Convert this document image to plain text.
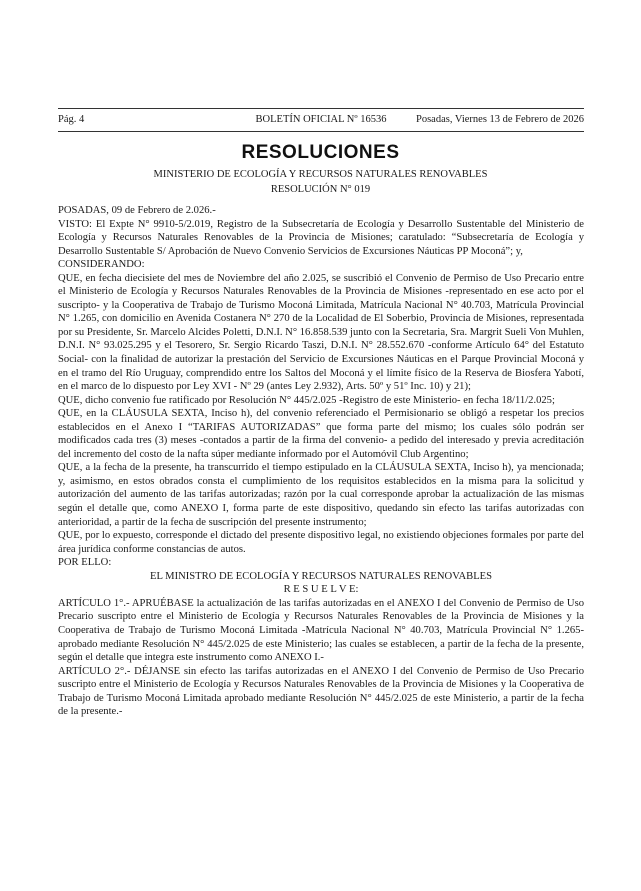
Pág. 4	BOLETÍN OFICIAL Nº 16536	Posadas, Viernes 13 de Febrero de 2026
RESOLUCIONES
MINISTERIO DE ECOLOGÍA Y RECURSOS NATURALES RENOVABLES
RESOLUCIÓN N° 019

POSADAS, 09 de Febrero de 2.026.-

VISTO: El Expte N° 9910-5/2.019, Registro de la Subsecretaría de Ecología y Desarrollo Sustentable del Ministerio de Ecología y Recursos Naturales Renovables de la Provincia de Misiones; caratulado: “Subsecretaría de Ecología y Desarrollo Sustentable S/ Aprobación de Nuevo Convenio Servicios de Excursiones Náuticas PP Moconá”; y,

CONSIDERANDO:

QUE, en fecha diecisiete del mes de Noviembre del año 2.025, se suscribió el Convenio de Permiso de Uso Precario entre el Ministerio de Ecología y Recursos Naturales Renovables de la Provincia de Misiones -representado en ese acto por el suscripto- y la Cooperativa de Trabajo de Turismo Moconá Limitada, Matrícula Nacional N° 40.703, Matrícula Provincial N° 1.265, con domicilio en Avenida Costanera N° 270 de la Localidad de El Soberbio, Provincia de Misiones, representada por su Presidente, Sr. Marcelo Alcides Poletti, D.N.I. N° 16.858.539 junto con la Secretaria, Sra. Margrit Sueli Von Muhlen, D.N.I. N° 93.025.295 y el Tesorero, Sr. Sergio Ricardo Taszi, D.N.I. N° 28.552.670 -conforme Artículo 64° del Estatuto Social- con la finalidad de autorizar la prestación del Servicio de Excursiones Náuticas en el Parque Provincial Moconá y en el tramo del Río Uruguay, comprendido entre los Saltos del Moconá y el límite físico de la Reserva de Biosfera Yabotí, en el marco de lo dispuesto por Ley XVI - Nº 29 (antes Ley 2.932), Arts. 50º y 51º Inc. 10) y 21);

QUE, dicho convenio fue ratificado por Resolución N° 445/2.025 -Registro de este Ministerio- en fecha 18/11/2.025;

QUE, en la CLÁUSULA SEXTA, Inciso h), del convenio referenciado el Permisionario se obligó a respetar los precios establecidos en el Anexo I “TARIFAS AUTORIZADAS” que forma parte del mismo; los cuales sólo podrán ser modificados cada tres (3) meses -contados a partir de la firma del convenio- a pedido del interesado y previa acreditación del incremento del costo de la nafta súper mediante informado por el Automóvil Club Argentino;

QUE, a la fecha de la presente, ha transcurrido el tiempo estipulado en la CLÁUSULA SEXTA, Inciso h), ya mencionada; y, asimismo, en estos obrados consta el cumplimiento de los requisitos establecidos en la misma para la solicitud y autorización del aumento de las tarifas autorizadas; razón por la cual corresponde aprobar la actualización de las mismas según el detalle que, como ANEXO I, forma parte de este dispositivo, quedando sin efecto las tarifas autorizadas con anterioridad, a partir de la fecha de suscripción del presente instrumento;

QUE, por lo expuesto, corresponde el dictado del presente dispositivo legal, no existiendo objeciones formales por parte del área jurídica conforme constancias de autos.

POR ELLO:

EL MINISTRO DE ECOLOGÍA Y RECURSOS NATURALES RENOVABLES

R E S U E L V E:

ARTÍCULO 1°.- APRUÉBASE la actualización de las tarifas autorizadas en el ANEXO I del Convenio de Permiso de Uso Precario suscripto entre el Ministerio de Ecología y Recursos Naturales Renovables de la Provincia de Misiones y la Cooperativa de Trabajo de Turismo Moconá Limitada -Matrícula Nacional N° 40.703, Matrícula Provincial N° 1.265- aprobado mediante Resolución N° 445/2.025 de este Ministerio; las cuales se establecen, a partir de la fecha de la presente, según el detalle que integra este instrumento como ANEXO I.-

ARTÍCULO 2°.- DÉJANSE sin efecto las tarifas autorizadas en el ANEXO I del Convenio de Permiso de Uso Precario suscripto entre el Ministerio de Ecología y Recursos Naturales Renovables de la Provincia de Misiones y la Cooperativa de Trabajo de Turismo Moconá Limitada aprobado mediante Resolución N° 445/2.025 de este Ministerio, a partir de la fecha de la presente.-
